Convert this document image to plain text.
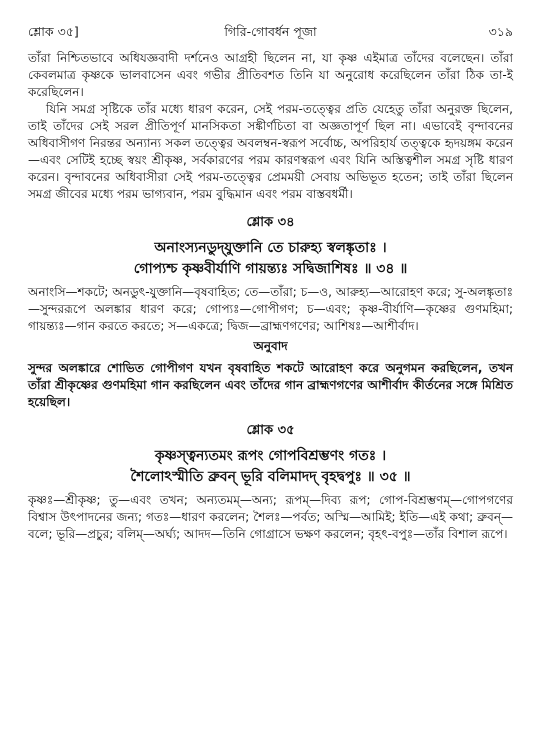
শ্লোক ৩৫]	গিরি-গোবর্ধন পূজা	৩১৯

তাঁরা নিশ্চিতভাবে অধিযজ্ঞবাদী দর্শনেও আগ্রহী ছিলেন না, যা কৃষ্ণ এইমাত্র তাঁদের বলেছেন। তাঁরা কেবলমাত্র কৃষ্ণকে ভালবাসেন এবং গভীর প্রীতিবশত তিনি যা অনুরোধ করেছিলেন তাঁরা ঠিক তা-ই করেছিলেন।

যিনি সমগ্র সৃষ্টিকে তাঁর মধ্যে ধারণ করেন, সেই পরম-তত্ত্বের প্রতি যেহেতু তাঁরা অনুরক্ত ছিলেন, তাই তাঁদের সেই সরল প্রীতিপূর্ণ মানসিকতা সঙ্কীর্ণচিতা বা অজ্ঞতাপূর্ণ ছিল না। এভাবেই বৃন্দাবনের অধিবাসীগণ নিরন্তর অন্যান্য সকল তত্ত্বের অবলম্বন-স্বরূপ সর্বোচ্চ, অপরিহার্য তত্ত্বকে হৃদয়ঙ্গম করেন—এবং সেটিই হচ্ছে স্বয়ং শ্রীকৃষ্ণ, সর্বকারণের পরম কারণস্বরূপ এবং যিনি অস্তিত্বশীল সমগ্র সৃষ্টি ধারণ করেন। বৃন্দাবনের অধিবাসীরা সেই পরম-তত্ত্বের প্রেমময়ী সেবায় অভিভূত হতেন; তাই তাঁরা ছিলেন সমগ্র জীবের মধ্যে পরম ভাগ্যবান, পরম বুদ্ধিমান এবং পরম বাস্তবধর্মী।

শ্লোক ৩৪
অনাংস্যনডুদ্‌যুক্তানি তে চারুহ্য স্বলঙ্কৃতাঃ ।
গোপ্যশ্চ কৃষ্ণবীর্যাণি গায়ন্ত্যঃ সদ্বিজাশিষঃ ॥ ৩৪ ॥
অনাংসি—শকটে; অনডুৎ-যুক্তানি—বৃষবাহিত; তে—তাঁরা; চ—ও, আরুহ্য—আরোহণ করে; সু-অলঙ্কৃতাঃ—সুন্দররূপে অলঙ্কার ধারণ করে; গোপ্যঃ—গোপীগণ; চ—এবং; কৃষ্ণ-বীর্যাণি—কৃষ্ণের গুণমহিমা; গায়ন্ত্যঃ—গান করতে করতে; স—একত্রে; দ্বিজ—ব্রাহ্মণগণের; আশিষঃ—আশীর্বাদ।
অনুবাদ
সুন্দর অলঙ্কারে শোভিত গোপীগণ যখন বৃষবাহিত শকটে আরোহণ করে অনুগমন করছিলেন, তখন তাঁরা শ্রীকৃষ্ণের গুণমহিমা গান করছিলেন এবং তাঁদের গান ব্রাহ্মণগণের আশীর্বাদ কীর্তনের সঙ্গে মিশ্রিত হয়েছিল।
শ্লোক ৩৫
কৃষ্ণস্ত্বন্যতমং রূপং গোপবিশ্রম্ভণং গতঃ ।
শৈলোঽস্মীতি ব্রুবন্ ভূরি বলিমাদদ্ বৃহদ্বপুঃ ॥ ৩৫ ॥
কৃষ্ণঃ—শ্রীকৃষ্ণ; তু—এবং তখন; অন্যতমম্—অন্য; রূপম্—দিব্য রূপ; গোপ-বিশ্রম্ভণম্—গোপগণের বিশ্বাস উৎপাদনের জন্য; গতঃ—ধারণ করলেন; শৈলঃ—পর্বত; অস্মি—আমিই; ইতি—এই কথা; ব্রুবন্—বলে; ভূরি—প্রচুর; বলিম্—অর্ঘ্য; আদদ—তিনি গোগ্রাসে ভক্ষণ করলেন; বৃহৎ-বপুঃ—তাঁর বিশাল রূপে।
